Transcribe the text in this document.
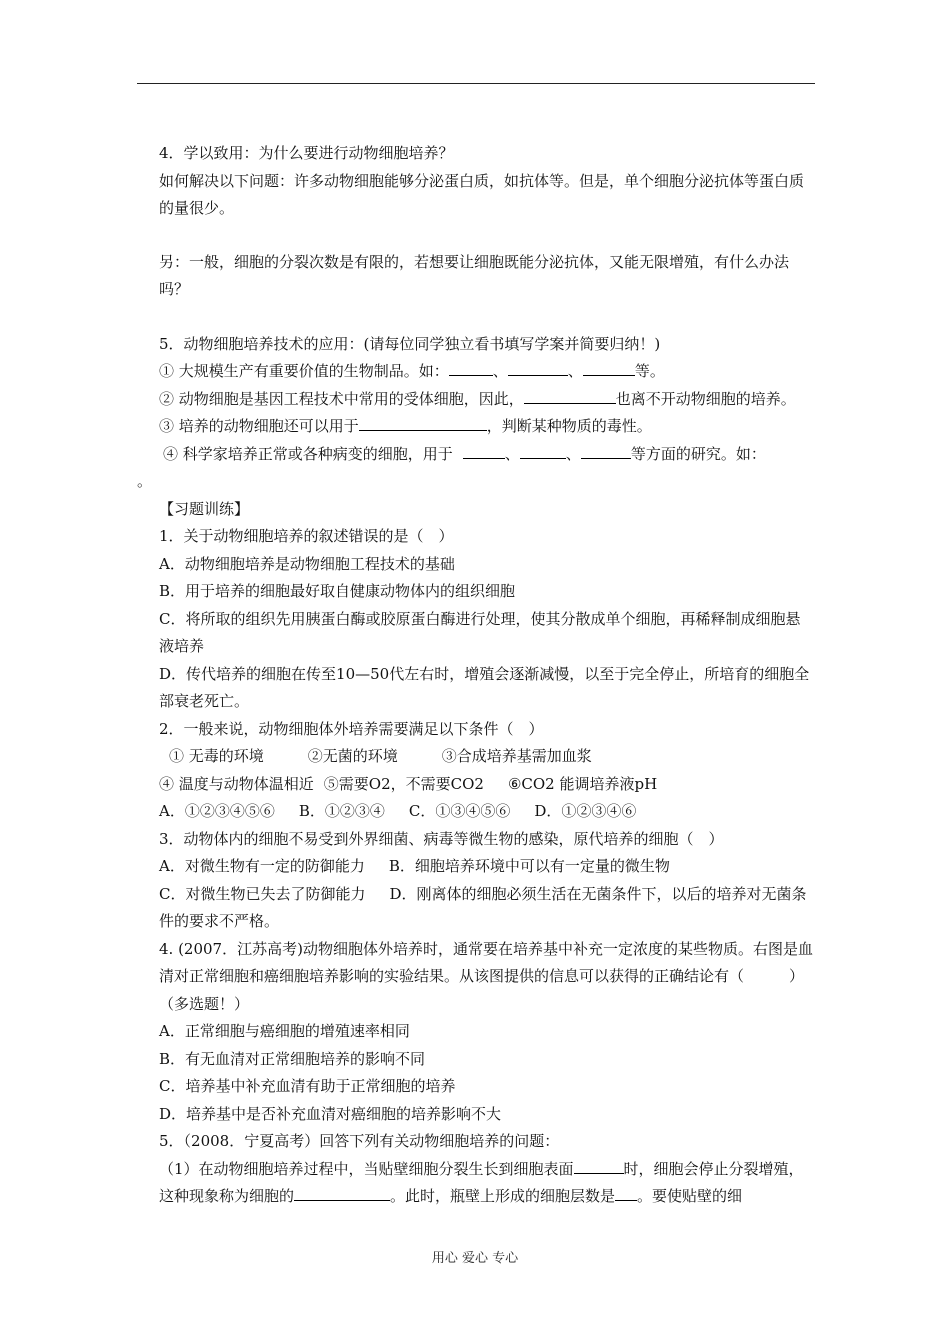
4．学以致用：为什么要进行动物细胞培养？

如何解决以下问题：许多动物细胞能够分泌蛋白质，如抗体等。但是，单个细胞分泌抗体等蛋白质的量很少。

另：一般，细胞的分裂次数是有限的，若想要让细胞既能分泌抗体，又能无限增殖，有什么办法吗？

5．动物细胞培养技术的应用：(请每位同学独立看书填写学案并简要归纳！)

① 大规模生产有重要价值的生物制品。如：	、	、	等。

② 动物细胞是基因工程技术中常用的受体细胞，因此，	也离不开动物细胞的培养。

③ 培养的动物细胞还可以用于	，判断某种物质的毒性。

④ 科学家培养正常或各种病变的细胞，用于	、	、	等方面的研究。如：
。

【习题训练】

1．关于动物细胞培养的叙述错误的是（　）

A．动物细胞培养是动物细胞工程技术的基础

B．用于培养的细胞最好取自健康动物体内的组织细胞

C．将所取的组织先用胰蛋白酶或胶原蛋白酶进行处理，使其分散成单个细胞，再稀释制成细胞悬液培养

D．传代培养的细胞在传至10—50代左右时，增殖会逐渐减慢，以至于完全停止，所培育的细胞全部衰老死亡。

2．一般来说，动物细胞体外培养需要满足以下条件（　）

① 无毒的环境	②无菌的环境	③合成培养基需加血浆

④ 温度与动物体温相近 ⑤需要O2，不需要CO2 ⑥CO2 能调培养液pH

A．①②③④⑤⑥ B．①②③④ C．①③④⑤⑥ D．①②③④⑥

3．动物体内的细胞不易受到外界细菌、病毒等微生物的感染，原代培养的细胞（　）

A．对微生物有一定的防御能力 B．细胞培养环境中可以有一定量的微生物

C．对微生物已失去了防御能力 D．刚离体的细胞必须生活在无菌条件下，以后的培养对无菌条件的要求不严格。

4. (2007．江苏高考)动物细胞体外培养时，通常要在培养基中补充一定浓度的某些物质。右图是血清对正常细胞和癌细胞培养影响的实验结果。从该图提供的信息可以获得的正确结论有（　　　）（多选题！）

A．正常细胞与癌细胞的增殖速率相同

B．有无血清对正常细胞培养的影响不同

C．培养基中补充血清有助于正常细胞的培养

D．培养基中是否补充血清对癌细胞的培养影响不大

5．（2008．宁夏高考）回答下列有关动物细胞培养的问题：

（1）在动物细胞培养过程中，当贴壁细胞分裂生长到细胞表面	时，细胞会停止分裂增殖，这种现象称为细胞的	。此时，瓶壁上形成的细胞层数是 。要使贴壁的细

用心 爱心 专心
